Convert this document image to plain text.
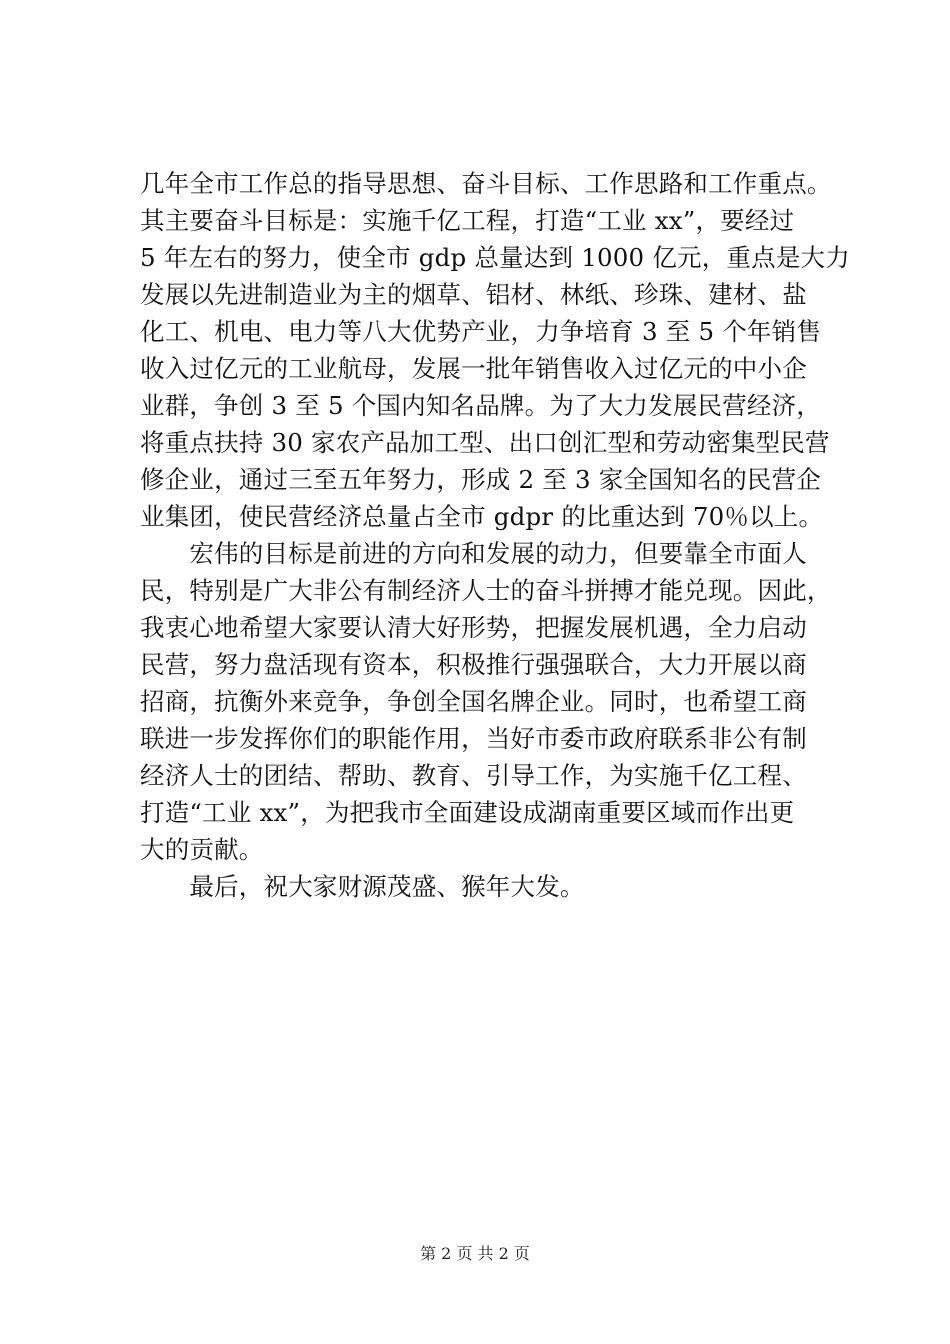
几年全市工作总的指导思想、奋斗目标、工作思路和工作重点。
其主要奋斗目标是：实施千亿工程，打造“工业 xx”，要经过
5 年左右的努力，使全市 gdp 总量达到 1000 亿元，重点是大力
发展以先进制造业为主的烟草、铝材、林纸、珍珠、建材、盐
化工、机电、电力等八大优势产业，力争培育 3 至 5 个年销售
收入过亿元的工业航母，发展一批年销售收入过亿元的中小企
业群，争创 3 至 5 个国内知名品牌。为了大力发展民营经济，
将重点扶持 30 家农产品加工型、出口创汇型和劳动密集型民营
修企业，通过三至五年努力，形成 2 至 3 家全国知名的民营企
业集团，使民营经济总量占全市 gdpr 的比重达到 70％以上。
　　宏伟的目标是前进的方向和发展的动力，但要靠全市面人
民，特别是广大非公有制经济人士的奋斗拼搏才能兑现。因此，
我衷心地希望大家要认清大好形势，把握发展机遇，全力启动
民营，努力盘活现有资本，积极推行强强联合，大力开展以商
招商，抗衡外来竞争，争创全国名牌企业。同时，也希望工商
联进一步发挥你们的职能作用，当好市委市政府联系非公有制
经济人士的团结、帮助、教育、引导工作，为实施千亿工程、
打造“工业 xx”，为把我市全面建设成湖南重要区域而作出更
大的贡献。
　　最后，祝大家财源茂盛、猴年大发。
第 2 页 共 2 页
